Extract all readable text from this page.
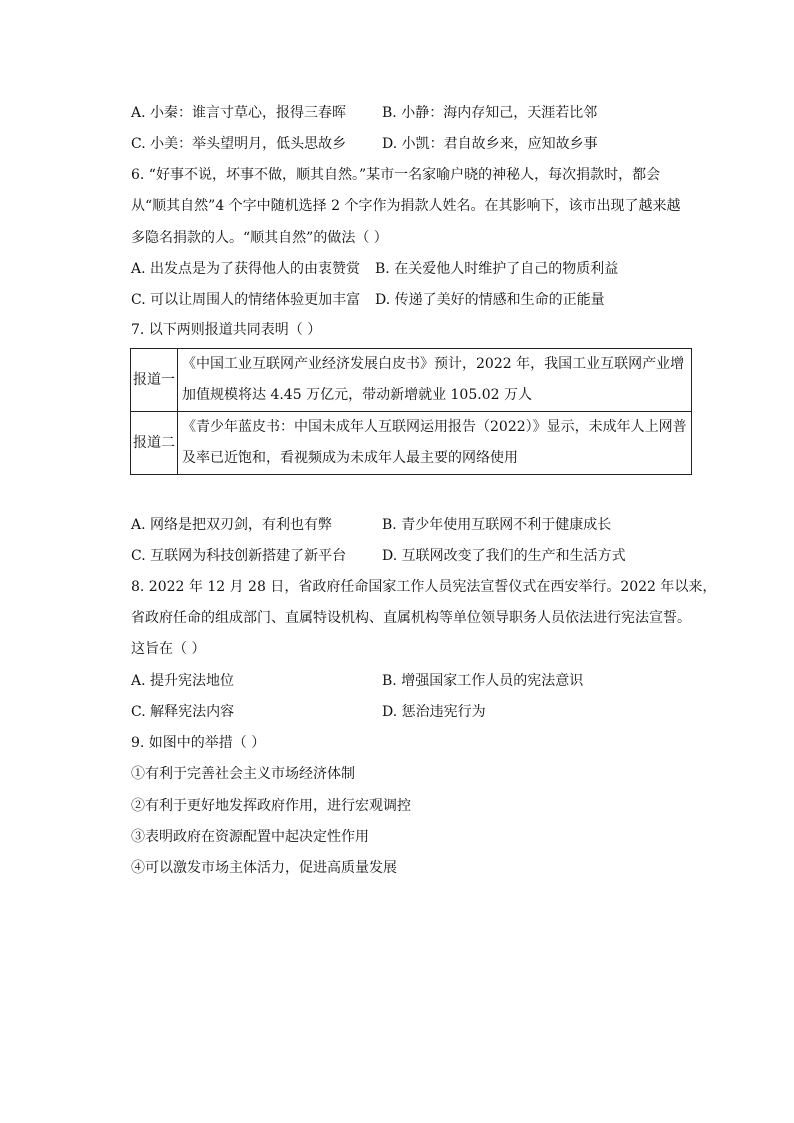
A. 小秦：谁言寸草心，报得三春晖	B. 小静：海内存知己，天涯若比邻
C. 小美：举头望明月，低头思故乡	D. 小凯：君自故乡来，应知故乡事
6. “好事不说，坏事不做，顺其自然。”某市一名家喻户晓的神秘人，每次捐款时，都会
从“顺其自然”4 个字中随机选择 2 个字作为捐款人姓名。在其影响下，该市出现了越来越
多隐名捐款的人。“顺其自然”的做法（ ）
A. 出发点是为了获得他人的由衷赞赏 B. 在关爱他人时维护了自己的物质利益
C. 可以让周围人的情绪体验更加丰富 D. 传递了美好的情感和生命的正能量
7. 以下两则报道共同表明（ ）
报道一	《中国工业互联网产业经济发展白皮书》预计，2022 年，我国工业互联网产业增加值规模将达 4.45 万亿元，带动新增就业 105.02 万人
报道二	《青少年蓝皮书：中国未成年人互联网运用报告（2022）》显示，未成年人上网普及率已近饱和，看视频成为未成年人最主要的网络使用
A. 网络是把双刃剑，有利也有弊	B. 青少年使用互联网不利于健康成长
C. 互联网为科技创新搭建了新平台	D. 互联网改变了我们的生产和生活方式
8. 2022 年 12 月 28 日，省政府任命国家工作人员宪法宣誓仪式在西安举行。2022 年以来，
省政府任命的组成部门、直属特设机构、直属机构等单位领导职务人员依法进行宪法宣誓。
这旨在（ ）
A. 提升宪法地位	B. 增强国家工作人员的宪法意识
C. 解释宪法内容	D. 惩治违宪行为
9. 如图中的举措（ ）
①有利于完善社会主义市场经济体制
②有利于更好地发挥政府作用，进行宏观调控
③表明政府在资源配置中起决定性作用
④可以激发市场主体活力，促进高质量发展
